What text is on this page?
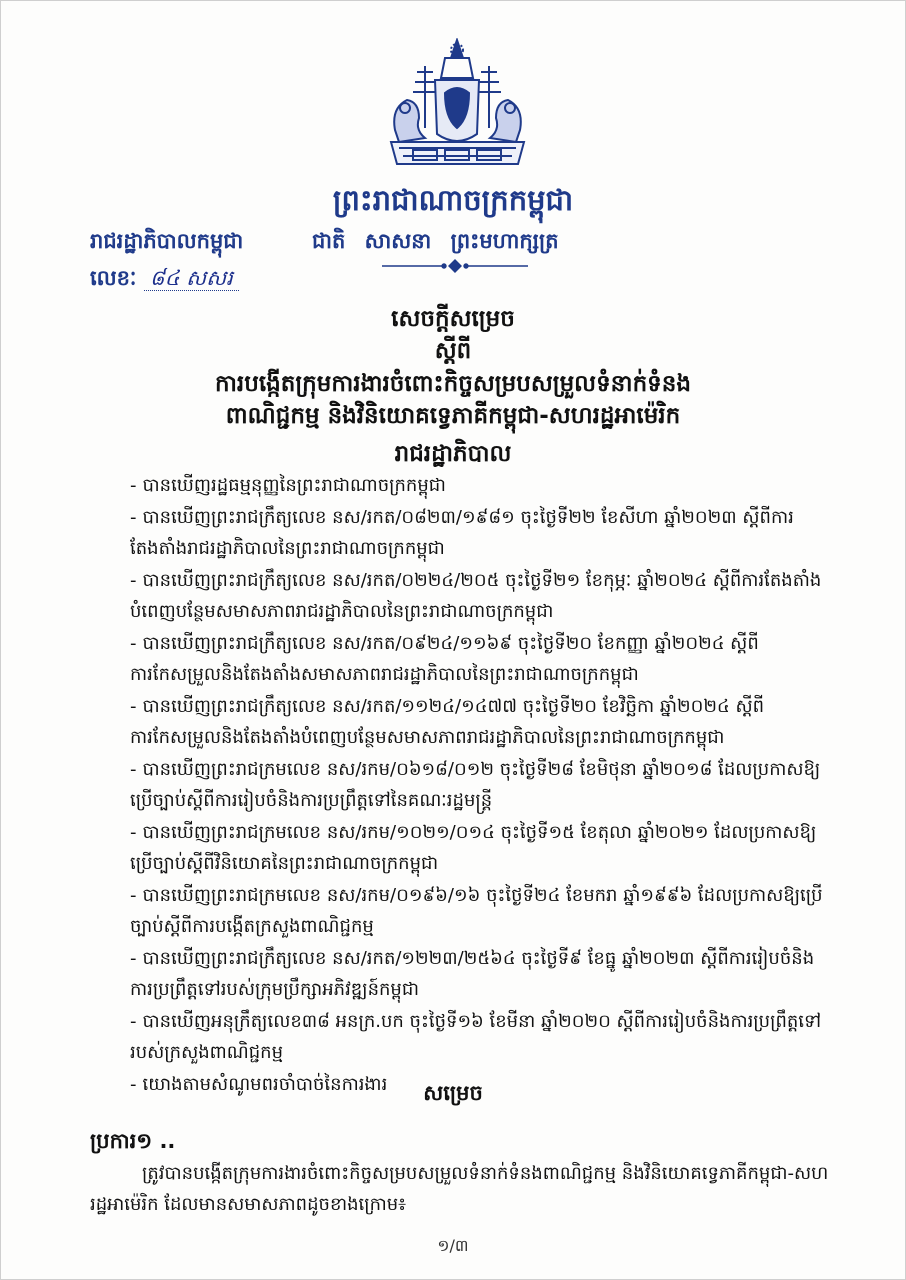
ព្រះរាជាណាចក្រកម្ពុជា
រាជរដ្ឋាភិបាលកម្ពុជា	ជាតិ សាសនា ព្រះមហាក្សត្រ
លេខៈ ៨៤ សសរ
សេចក្តីសម្រេច
ស្តីពី
ការបង្កើតក្រុមការងារចំពោះកិច្ចសម្របសម្រួលទំនាក់ទំនង
ពាណិជ្ជកម្ម និងវិនិយោគទ្វេភាគីកម្ពុជា-សហរដ្ឋអាម៉េរិក
រាជរដ្ឋាភិបាល
- បានឃើញរដ្ឋធម្មនុញ្ញនៃព្រះរាជាណាចក្រកម្ពុជា
- បានឃើញព្រះរាជក្រឹត្យលេខ នស/រកត/០៨២៣/១៩៨១ ចុះថ្ងៃទី២២ ខែសីហា ឆ្នាំ២០២៣ ស្តីពីការតែងតាំងរាជរដ្ឋាភិបាលនៃព្រះរាជាណាចក្រកម្ពុជា
- បានឃើញព្រះរាជក្រឹត្យលេខ នស/រកត/០២២៤/២០៥ ចុះថ្ងៃទី២១ ខែកុម្ភៈ ឆ្នាំ២០២៤ ស្តីពីការតែងតាំងបំពេញបន្ថែមសមាសភាពរាជរដ្ឋាភិបាលនៃព្រះរាជាណាចក្រកម្ពុជា
- បានឃើញព្រះរាជក្រឹត្យលេខ នស/រកត/០៩២៤/១១៦៩ ចុះថ្ងៃទី២០ ខែកញ្ញា ឆ្នាំ២០២៤ ស្តីពីការកែសម្រួលនិងតែងតាំងសមាសភាពរាជរដ្ឋាភិបាលនៃព្រះរាជាណាចក្រកម្ពុជា
- បានឃើញព្រះរាជក្រឹត្យលេខ នស/រកត/១១២៤/១៤៧៧ ចុះថ្ងៃទី២០ ខែវិច្ឆិកា ឆ្នាំ២០២៤ ស្តីពីការកែសម្រួលនិងតែងតាំងបំពេញបន្ថែមសមាសភាពរាជរដ្ឋាភិបាលនៃព្រះរាជាណាចក្រកម្ពុជា
- បានឃើញព្រះរាជក្រមលេខ នស/រកម/០៦១៨/០១២ ចុះថ្ងៃទី២៨ ខែមិថុនា ឆ្នាំ២០១៨ ដែលប្រកាសឱ្យប្រើច្បាប់ស្តីពីការរៀបចំនិងការប្រព្រឹត្តទៅនៃគណៈរដ្ឋមន្ត្រី
- បានឃើញព្រះរាជក្រមលេខ នស/រកម/១០២១/០១៤ ចុះថ្ងៃទី១៥ ខែតុលា ឆ្នាំ២០២១ ដែលប្រកាសឱ្យប្រើច្បាប់ស្តីពីវិនិយោគនៃព្រះរាជាណាចក្រកម្ពុជា
- បានឃើញព្រះរាជក្រមលេខ នស/រកម/០១៩៦/១៦ ចុះថ្ងៃទី២៤ ខែមករា ឆ្នាំ១៩៩៦ ដែលប្រកាសឱ្យប្រើច្បាប់ស្តីពីការបង្កើតក្រសួងពាណិជ្ជកម្ម
- បានឃើញព្រះរាជក្រឹត្យលេខ នស/រកត/១២២៣/២៥៦៤ ចុះថ្ងៃទី៩ ខែធ្នូ ឆ្នាំ២០២៣ ស្តីពីការរៀបចំនិងការប្រព្រឹត្តទៅរបស់ក្រុមប្រឹក្សាអភិវឌ្ឍន៍កម្ពុជា
- បានឃើញអនុក្រឹត្យលេខ៣៨ អនក្រ.បក ចុះថ្ងៃទី១៦ ខែមីនា ឆ្នាំ២០២០ ស្តីពីការរៀបចំនិងការប្រព្រឹត្តទៅរបស់ក្រសួងពាណិជ្ជកម្ម
- យោងតាមសំណូមពរចាំបាច់នៃការងារ	សម្រេច
ប្រការ១ ..
ត្រូវបានបង្កើតក្រុមការងារចំពោះកិច្ចសម្របសម្រួលទំនាក់ទំនងពាណិជ្ជកម្ម និងវិនិយោគទ្វេភាគីកម្ពុជា-សហរដ្ឋអាម៉េរិក ដែលមានសមាសភាពដូចខាងក្រោម៖
១/៣
